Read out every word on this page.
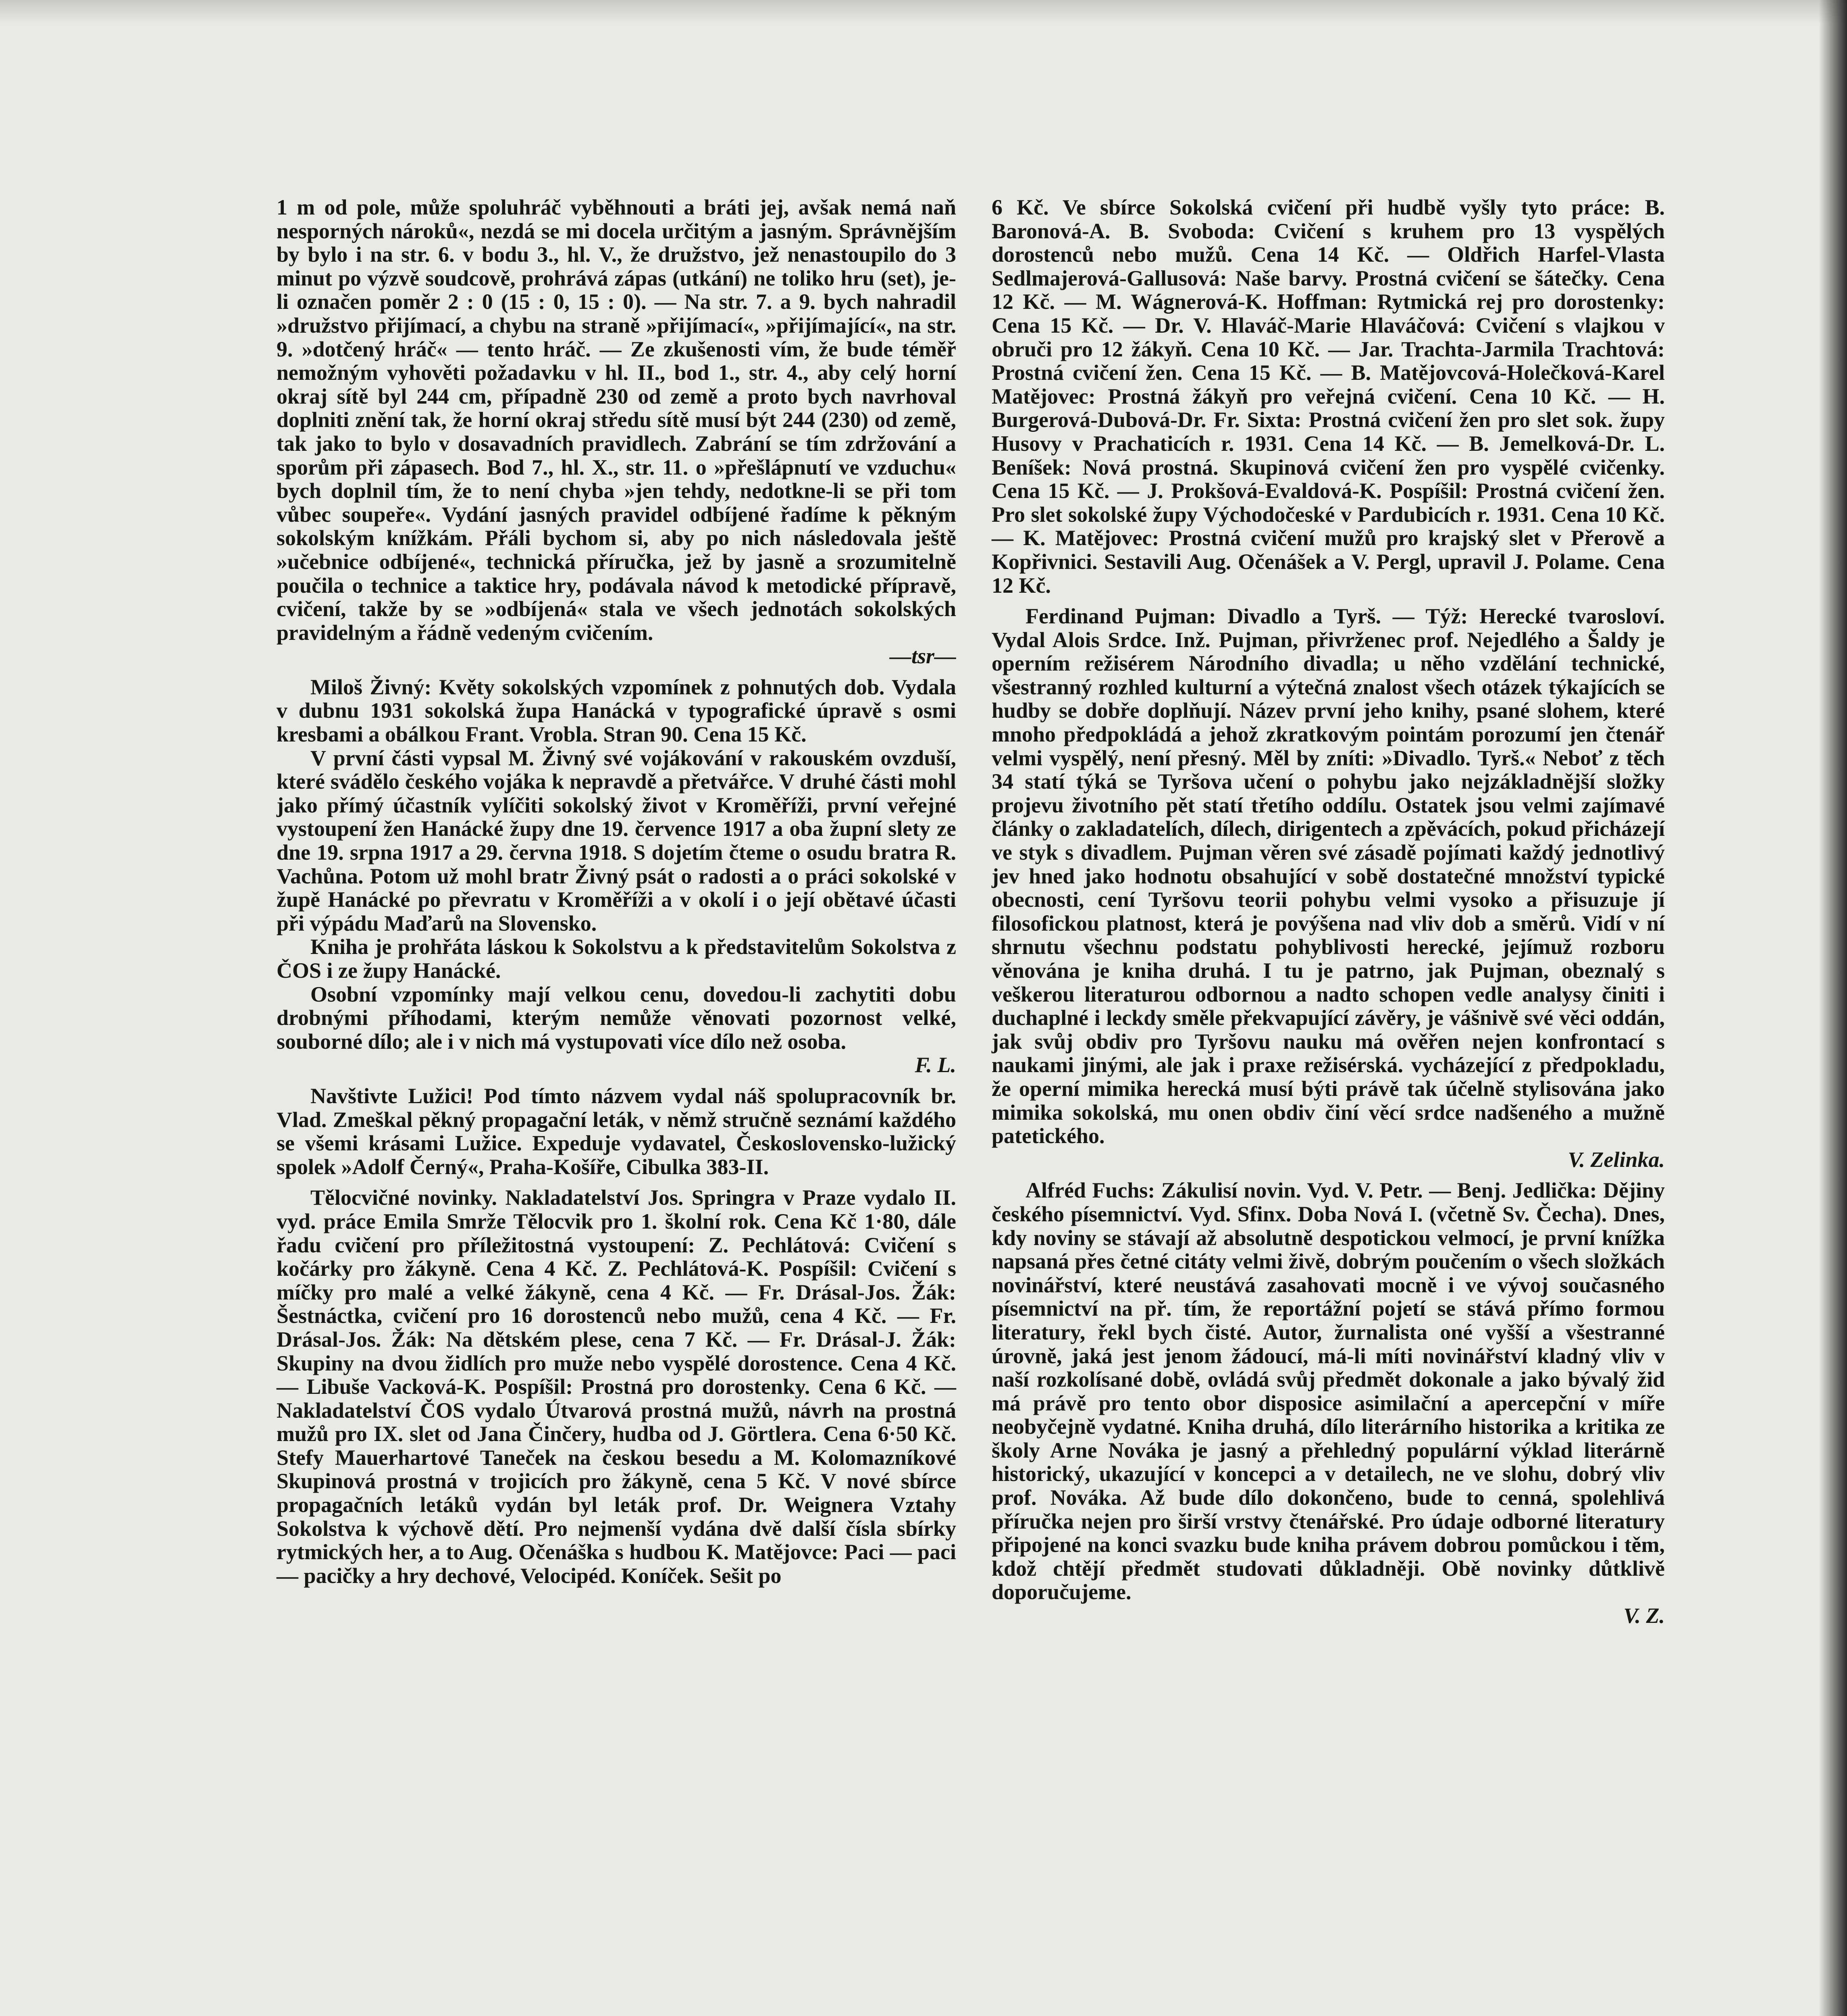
1 m od pole, může spoluhráč vyběhnouti a bráti jej, avšak nemá naň nesporných nároků«, nezdá se mi docela určitým a jasným. Správnějším by bylo i na str. 6. v bodu 3., hl. V., že družstvo, jež nenastoupilo do 3 minut po výzvě soudcově, prohrává zápas (utkání) ne toliko hru (set), je-li označen poměr 2 : 0 (15 : 0, 15 : 0). — Na str. 7. a 9. bych nahradil »družstvo přijímací, a chybu na straně »přijímací«, »přijímající«, na str. 9. »dotčený hráč« — tento hráč. — Ze zkušenosti vím, že bude téměř nemožným vyhověti požadavku v hl. II., bod 1., str. 4., aby celý horní okraj sítě byl 244 cm, případně 230 od země a proto bych navrhoval doplniti znění tak, že horní okraj středu sítě musí být 244 (230) od země, tak jako to bylo v dosavadních pravidlech. Zabrání se tím zdržování a sporům při zápasech. Bod 7., hl. X., str. 11. o »přešlápnutí ve vzduchu« bych doplnil tím, že to není chyba »jen tehdy, nedotkne-li se při tom vůbec soupeře«. Vydání jasných pravidel odbíjené řadíme k pěkným sokolským knížkám. Přáli bychom si, aby po nich následovala ještě »učebnice odbíjené«, technická příručka, jež by jasně a srozumitelně poučila o technice a taktice hry, podávala návod k metodické přípravě, cvičení, takže by se »odbíjená« stala ve všech jednotách sokolských pravidelným a řádně vedeným cvičením.

—tsr—

Miloš Živný: Květy sokolských vzpomínek z pohnutých dob. Vydala v dubnu 1931 sokolská župa Hanácká v typografické úpravě s osmi kresbami a obálkou Frant. Vrobla. Stran 90. Cena 15 Kč.

V první části vypsal M. Živný své vojákování v rakouském ovzduší, které svádělo českého vojáka k nepravdě a přetvářce. V druhé části mohl jako přímý účastník vylíčiti sokolský život v Kroměříži, první veřejné vystoupení žen Hanácké župy dne 19. července 1917 a oba župní slety ze dne 19. srpna 1917 a 29. června 1918. S dojetím čteme o osudu bratra R. Vachůna. Potom už mohl bratr Živný psát o radosti a o práci sokolské v župě Hanácké po převratu v Kroměříži a v okolí i o její obětavé účasti při výpádu Maďarů na Slovensko.

Kniha je prohřáta láskou k Sokolstvu a k představitelům Sokolstva z ČOS i ze župy Hanácké.

Osobní vzpomínky mají velkou cenu, dovedou-li zachytiti dobu drobnými příhodami, kterým nemůže věnovati pozornost velké, souborné dílo; ale i v nich má vystupovati více dílo než osoba.

F. L.

Navštivte Lužici! Pod tímto názvem vydal náš spolupracovník br. Vlad. Zmeškal pěkný propagační leták, v němž stručně seznámí každého se všemi krásami Lužice. Expeduje vydavatel, Československo-lužický spolek »Adolf Černý«, Praha-Košíře, Cibulka 383-II.

Tělocvičné novinky. Nakladatelství Jos. Springra v Praze vydalo II. vyd. práce Emila Smrže Tělocvik pro 1. školní rok. Cena Kč 1·80, dále řadu cvičení pro příležitostná vystoupení: Z. Pechlátová: Cvičení s kočárky pro žákyně. Cena 4 Kč. Z. Pechlátová-K. Pospíšil: Cvičení s míčky pro malé a velké žákyně, cena 4 Kč. — Fr. Drásal-Jos. Žák: Šestnáctka, cvičení pro 16 dorostenců nebo mužů, cena 4 Kč. — Fr. Drásal-Jos. Žák: Na dětském plese, cena 7 Kč. — Fr. Drásal-J. Žák: Skupiny na dvou židlích pro muže nebo vyspělé dorostence. Cena 4 Kč. — Libuše Vacková-K. Pospíšil: Prostná pro dorostenky. Cena 6 Kč. — Nakladatelství ČOS vydalo Útvarová prostná mužů, návrh na prostná mužů pro IX. slet od Jana Činčery, hudba od J. Görtlera. Cena 6·50 Kč. Stefy Mauerhartové Taneček na českou besedu a M. Kolomazníkové Skupinová prostná v trojicích pro žákyně, cena 5 Kč. V nové sbírce propagačních letáků vydán byl leták prof. Dr. Weignera Vztahy Sokolstva k výchově dětí. Pro nejmenší vydána dvě další čísla sbírky rytmických her, a to Aug. Očenáška s hudbou K. Matějovce: Paci — paci — pacičky a hry dechové, Velocipéd. Koníček. Sešit po

6 Kč. Ve sbírce Sokolská cvičení při hudbě vyšly tyto práce: B. Baronová-A. B. Svoboda: Cvičení s kruhem pro 13 vyspělých dorostenců nebo mužů. Cena 14 Kč. — Oldřich Harfel-Vlasta Sedlmajerová-Gallusová: Naše barvy. Prostná cvičení se šátečky. Cena 12 Kč. — M. Wágnerová-K. Hoffman: Rytmická rej pro dorostenky: Cena 15 Kč. — Dr. V. Hlaváč-Marie Hlaváčová: Cvičení s vlajkou v obruči pro 12 žákyň. Cena 10 Kč. — Jar. Trachta-Jarmila Trachtová: Prostná cvičení žen. Cena 15 Kč. — B. Matějovcová-Holečková-Karel Matějovec: Prostná žákyň pro veřejná cvičení. Cena 10 Kč. — H. Burgerová-Dubová-Dr. Fr. Sixta: Prostná cvičení žen pro slet sok. župy Husovy v Prachaticích r. 1931. Cena 14 Kč. — B. Jemelková-Dr. L. Beníšek: Nová prostná. Skupinová cvičení žen pro vyspělé cvičenky. Cena 15 Kč. — J. Prokšová-Evaldová-K. Pospíšil: Prostná cvičení žen. Pro slet sokolské župy Východočeské v Pardubicích r. 1931. Cena 10 Kč. — K. Matějovec: Prostná cvičení mužů pro krajský slet v Přerově a Kopřivnici. Sestavili Aug. Očenášek a V. Pergl, upravil J. Polame. Cena 12 Kč.

Ferdinand Pujman: Divadlo a Tyrš. — Týž: Herecké tvarosloví. Vydal Alois Srdce. Inž. Pujman, přivrženec prof. Nejedlého a Šaldy je operním režisérem Národního divadla; u něho vzdělání technické, všestranný rozhled kulturní a výtečná znalost všech otázek týkajících se hudby se dobře doplňují. Název první jeho knihy, psané slohem, které mnoho předpokládá a jehož zkratkovým pointám porozumí jen čtenář velmi vyspělý, není přesný. Měl by zníti: »Divadlo. Tyrš.« Neboť z těch 34 statí týká se Tyršova učení o pohybu jako nejzákladnější složky projevu životního pět statí třetího oddílu. Ostatek jsou velmi zajímavé články o zakladatelích, dílech, dirigentech a zpěvácích, pokud přicházejí ve styk s divadlem. Pujman věren své zásadě pojímati každý jednotlivý jev hned jako hodnotu obsahující v sobě dostatečné množství typické obecnosti, cení Tyršovu teorii pohybu velmi vysoko a přisuzuje jí filosofickou platnost, která je povýšena nad vliv dob a směrů. Vidí v ní shrnutu všechnu podstatu pohyblivosti herecké, jejímuž rozboru věnována je kniha druhá. I tu je patrno, jak Pujman, obeznalý s veškerou literaturou odbornou a nadto schopen vedle analysy činiti i duchaplné i leckdy směle překvapující závěry, je vášnivě své věci oddán, jak svůj obdiv pro Tyršovu nauku má ověřen nejen konfrontací s naukami jinými, ale jak i praxe režisérská. vycházející z předpokladu, že operní mimika herecká musí býti právě tak účelně stylisována jako mimika sokolská, mu onen obdiv činí věcí srdce nadšeného a mužně patetického.

V. Zelinka.

Alfréd Fuchs: Zákulisí novin. Vyd. V. Petr. — Benj. Jedlička: Dějiny českého písemnictví. Vyd. Sfinx. Doba Nová I. (včetně Sv. Čecha). Dnes, kdy noviny se stávají až absolutně despotickou velmocí, je první knížka napsaná přes četné citáty velmi živě, dobrým poučením o všech složkách novinářství, které neustává zasahovati mocně i ve vývoj současného písemnictví na př. tím, že reportážní pojetí se stává přímo formou literatury, řekl bych čisté. Autor, žurnalista oné vyšší a všestranné úrovně, jaká jest jenom žádoucí, má-li míti novinářství kladný vliv v naší rozkolísané době, ovládá svůj předmět dokonale a jako bývalý žid má právě pro tento obor disposice asimilační a apercepční v míře neobyčejně vydatné. Kniha druhá, dílo literárního historika a kritika ze školy Arne Nováka je jasný a přehledný populární výklad literárně historický, ukazující v koncepci a v detailech, ne ve slohu, dobrý vliv prof. Nováka. Až bude dílo dokončeno, bude to cenná, spolehlivá příručka nejen pro širší vrstvy čtenářské. Pro údaje odborné literatury připojené na konci svazku bude kniha právem dobrou pomůckou i těm, kdož chtějí předmět studovati důkladněji. Obě novinky důtklivě doporučujeme.

V. Z.
